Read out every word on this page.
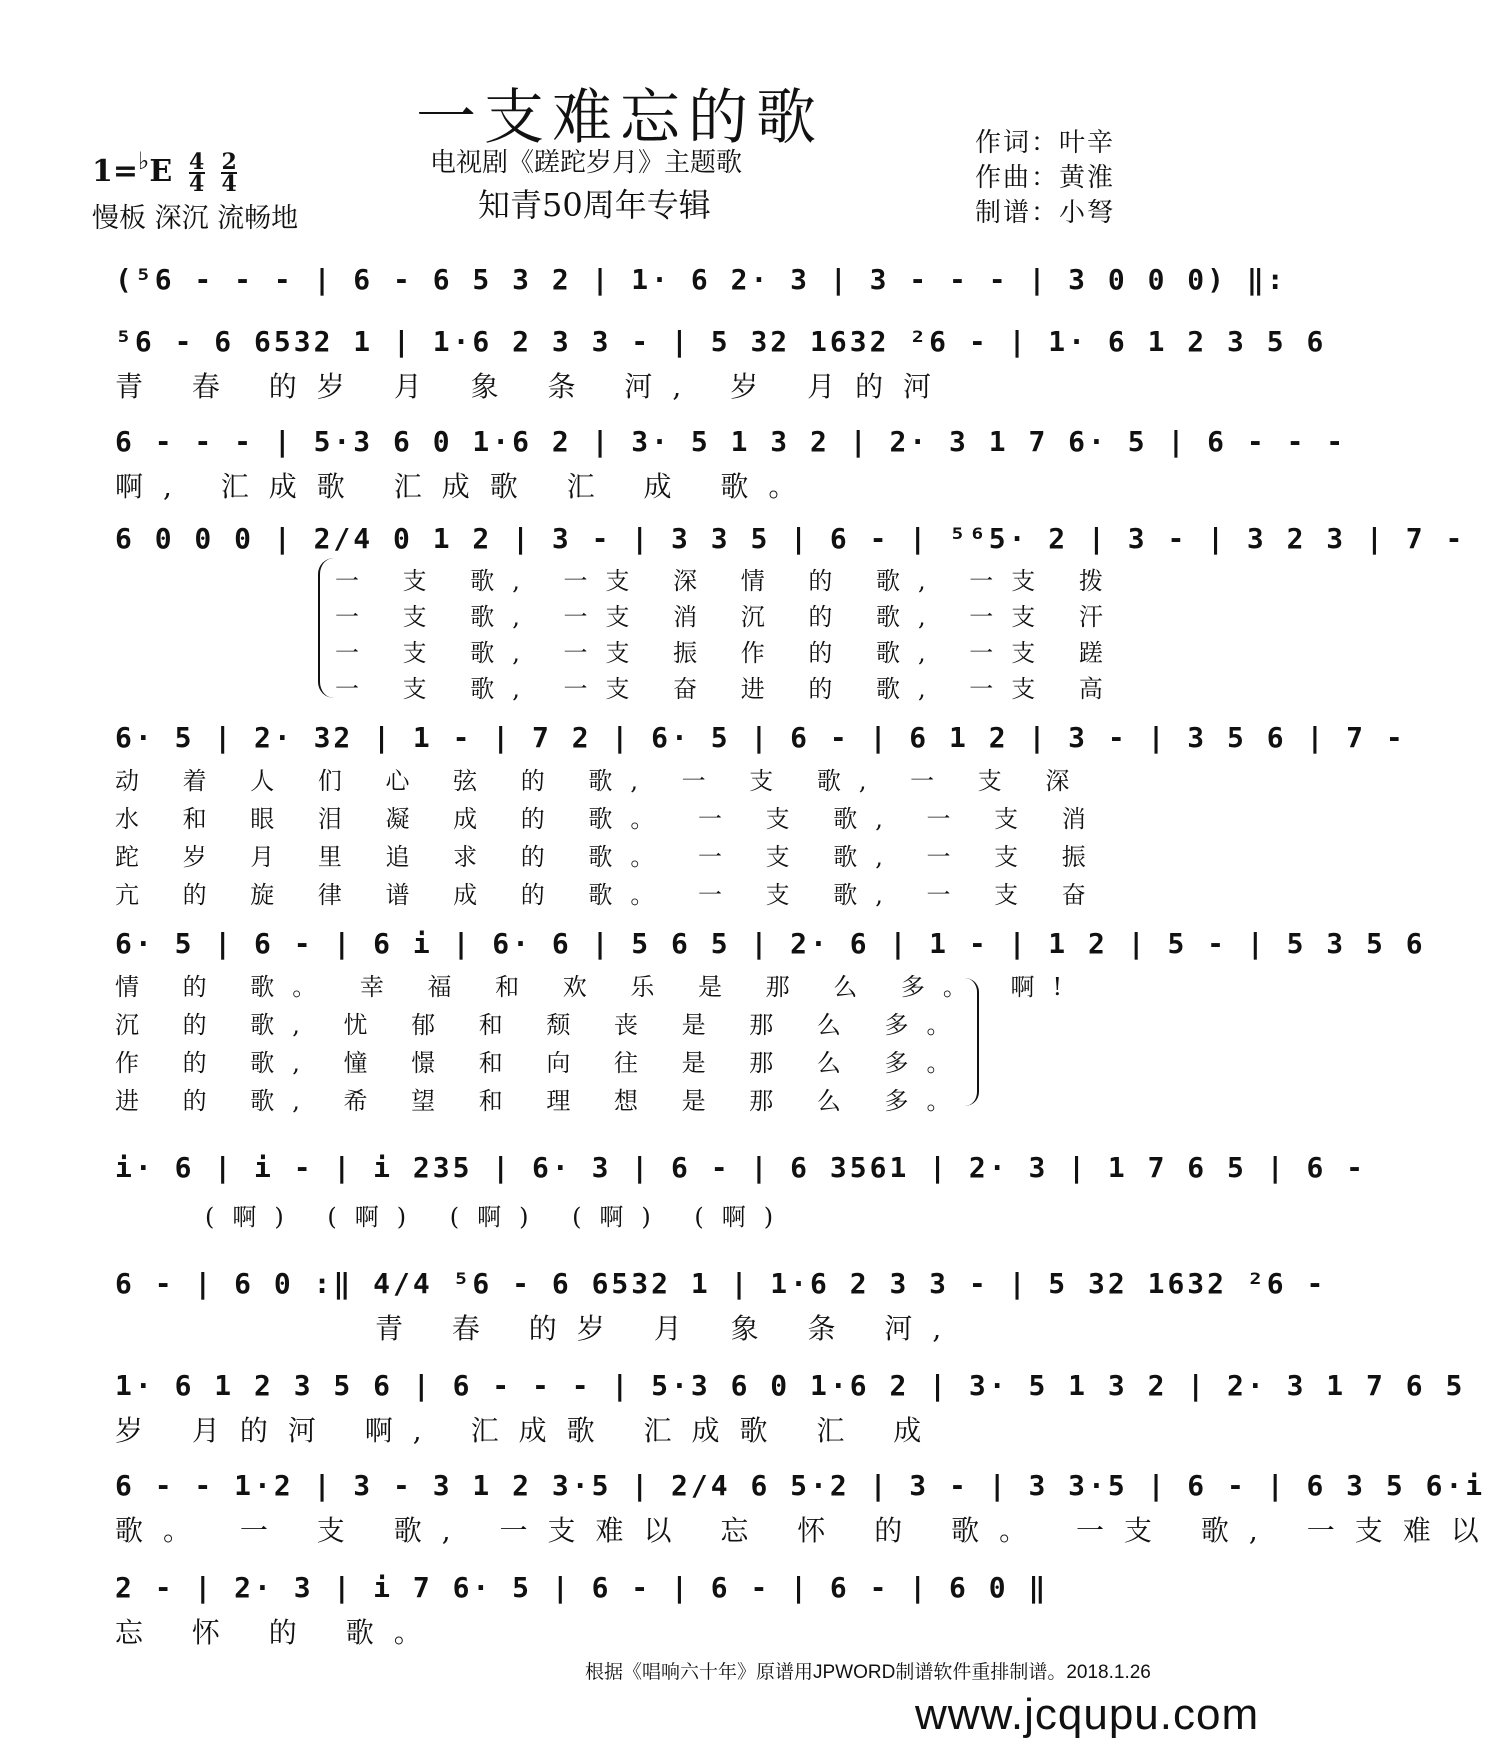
一支难忘的歌
电视剧《蹉跎岁月》主题歌
知青50周年专辑
$1=^♭E \frac{4}{4}$
$\frac{2}{4}$
慢板 深沉 流畅地
作词：叶辛
作曲：黄淮
制谱：小弩
(⁵6 - - - | 6 - 6 5 3 2 | 1· 6 2· 3 | 3 - - - | 3 0 0 0) ‖:
⁵6 - 6 6532 1 | 1·6 2 3 3 - | 5 32 1632 ²6 - | 1· 6 1 2 3 5 6
青 春 的岁 月 象 条 河, 岁 月的河
6 - - - | 5·3 6 0 1·6 2 | 3· 5 1 3 2 | 2· 3 1 7 6· 5 | 6 - - -
啊, 汇成歌 汇成歌 汇 成 歌。
6 0 0 0 | 2/4 0 1 2 | 3 - | 3 3 5 | 6 - | ⁵⁶5· 2 | 3 - | 3 2 3 | 7 -
一 支 歌, 一支 深 情 的 歌, 一支 拨
一 支 歌, 一支 消 沉 的 歌, 一支 汗
一 支 歌, 一支 振 作 的 歌, 一支 蹉
一 支 歌, 一支 奋 进 的 歌, 一支 高
6· 5 | 2· 32 | 1 - | 7 2 | 6· 5 | 6 - | 6 1 2 | 3 - | 3 5 6 | 7 -
动 着 人 们 心 弦 的 歌, 一 支 歌, 一 支 深
水 和 眼 泪 凝 成 的 歌。 一 支 歌, 一 支 消
跎 岁 月 里 追 求 的 歌。 一 支 歌, 一 支 振
亢 的 旋 律 谱 成 的 歌。 一 支 歌, 一 支 奋
6· 5 | 6 - | 6 i | 6· 6 | 5 6 5 | 2· 6 | 1 - | 1 2 | 5 - | 5 3 5 6
情 的 歌。 幸 福 和 欢 乐 是 那 么 多。 啊!
沉 的 歌, 忧 郁 和 颓 丧 是 那 么 多。
作 的 歌, 憧 憬 和 向 往 是 那 么 多。
进 的 歌, 希 望 和 理 想 是 那 么 多。
i· 6 | i - | i 235 | 6· 3 | 6 - | 6 3561 | 2· 3 | 1 7 6 5 | 6 -
(啊) (啊) (啊) (啊) (啊)
6 - | 6 0 :‖ 4/4 ⁵6 - 6 6532 1 | 1·6 2 3 3 - | 5 32 1632 ²6 -
青 春 的岁 月 象 条 河,
1· 6 1 2 3 5 6 | 6 - - - | 5·3 6 0 1·6 2 | 3· 5 1 3 2 | 2· 3 1 7 6 5
岁 月的河 啊, 汇成歌 汇成歌 汇 成
6 - - 1·2 | 3 - 3 1 2 3·5 | 2/4 6 5·2 | 3 - | 3 3·5 | 6 - | 6 3 5 6·i
歌。 一 支 歌, 一支难以 忘 怀 的 歌。 一支 歌, 一支难以
2 - | 2· 3 | i 7 6· 5 | 6 - | 6 - | 6 - | 6 0 ‖
忘 怀 的 歌。
根据《唱响六十年》原谱用JPWORD制谱软件重排制谱。2018.1.26
www.jcqupu.com
